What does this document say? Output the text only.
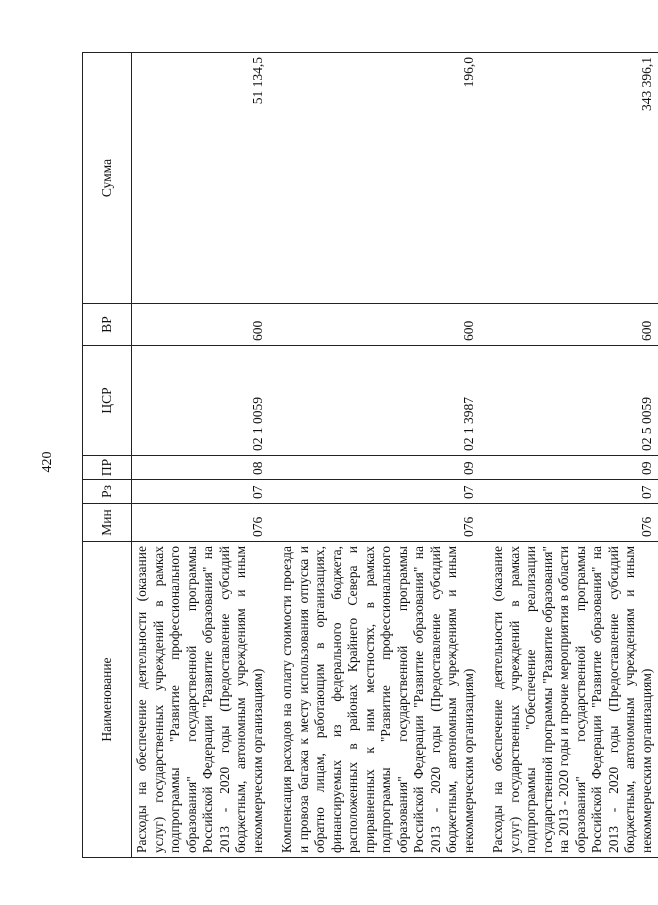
420
Наименование	Мин	Рз	ПР	ЦСР	ВР	Сумма
Расходы на обеспечение деятельности (оказание услуг) государственных учреждений в рамках подпрограммы "Развитие профессионального образования" государственной программы Российской Федерации "Развитие образования" на 2013 - 2020 годы (Предоставление субсидий бюджетным, автономным учреждениям и иным некоммерческим организациям)	076	07	08	02 1 0059	600	51 134,5

Компенсация расходов на оплату стоимости проезда и провоза багажа к месту использования отпуска и обратно лицам, работающим в организациях, финансируемых из федерального бюджета, расположенных в районах Крайнего Севера и приравненных к ним местностях, в рамках подпрограммы "Развитие профессионального образования" государственной программы Российской Федерации "Развитие образования" на 2013 - 2020 годы (Предоставление субсидий бюджетным, автономным учреждениям и иным некоммерческим организациям)	076	07	09	02 1 3987	600	196,0

Расходы на обеспечение деятельности (оказание услуг) государственных учреждений в рамках подпрограммы "Обеспечение реализации государственной программы "Развитие образования" на 2013 - 2020 годы и прочие мероприятия в области образования" государственной программы Российской Федерации "Развитие образования" на 2013 - 2020 годы (Предоставление субсидий бюджетным, автономным учреждениям и иным некоммерческим организациям)	076	07	09	02 5 0059	600	343 396,1
